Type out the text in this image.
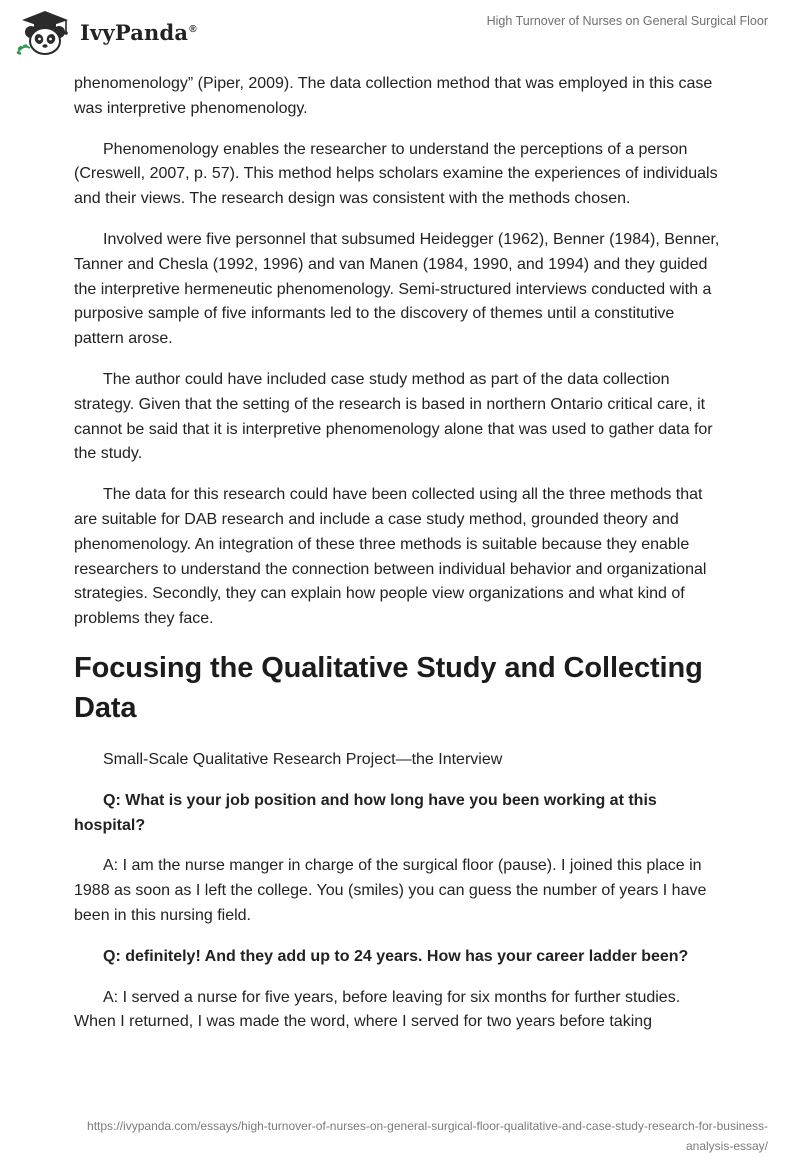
IvyPanda®
High Turnover of Nurses on General Surgical Floor

phenomenology” (Piper, 2009). The data collection method that was employed in this case was interpretive phenomenology.

Phenomenology enables the researcher to understand the perceptions of a person (Creswell, 2007, p. 57). This method helps scholars examine the experiences of individuals and their views. The research design was consistent with the methods chosen.

Involved were five personnel that subsumed Heidegger (1962), Benner (1984), Benner, Tanner and Chesla (1992, 1996) and van Manen (1984, 1990, and 1994) and they guided the interpretive hermeneutic phenomenology. Semi-structured interviews conducted with a purposive sample of five informants led to the discovery of themes until a constitutive pattern arose.

The author could have included case study method as part of the data collection strategy. Given that the setting of the research is based in northern Ontario critical care, it cannot be said that it is interpretive phenomenology alone that was used to gather data for the study.

The data for this research could have been collected using all the three methods that are suitable for DAB research and include a case study method, grounded theory and phenomenology. An integration of these three methods is suitable because they enable researchers to understand the connection between individual behavior and organizational strategies. Secondly, they can explain how people view organizations and what kind of problems they face.

Focusing the Qualitative Study and Collecting Data

Small-Scale Qualitative Research Project—the Interview

Q: What is your job position and how long have you been working at this hospital?

A: I am the nurse manger in charge of the surgical floor (pause). I joined this place in 1988 as soon as I left the college. You (smiles) you can guess the number of years I have been in this nursing field.

Q: definitely! And they add up to 24 years. How has your career ladder been?

A: I served a nurse for five years, before leaving for six months for further studies. When I returned, I was made the word, where I served for two years before taking

https://ivypanda.com/essays/high-turnover-of-nurses-on-general-surgical-floor-qualitative-and-case-study-research-for-business-analysis-essay/
